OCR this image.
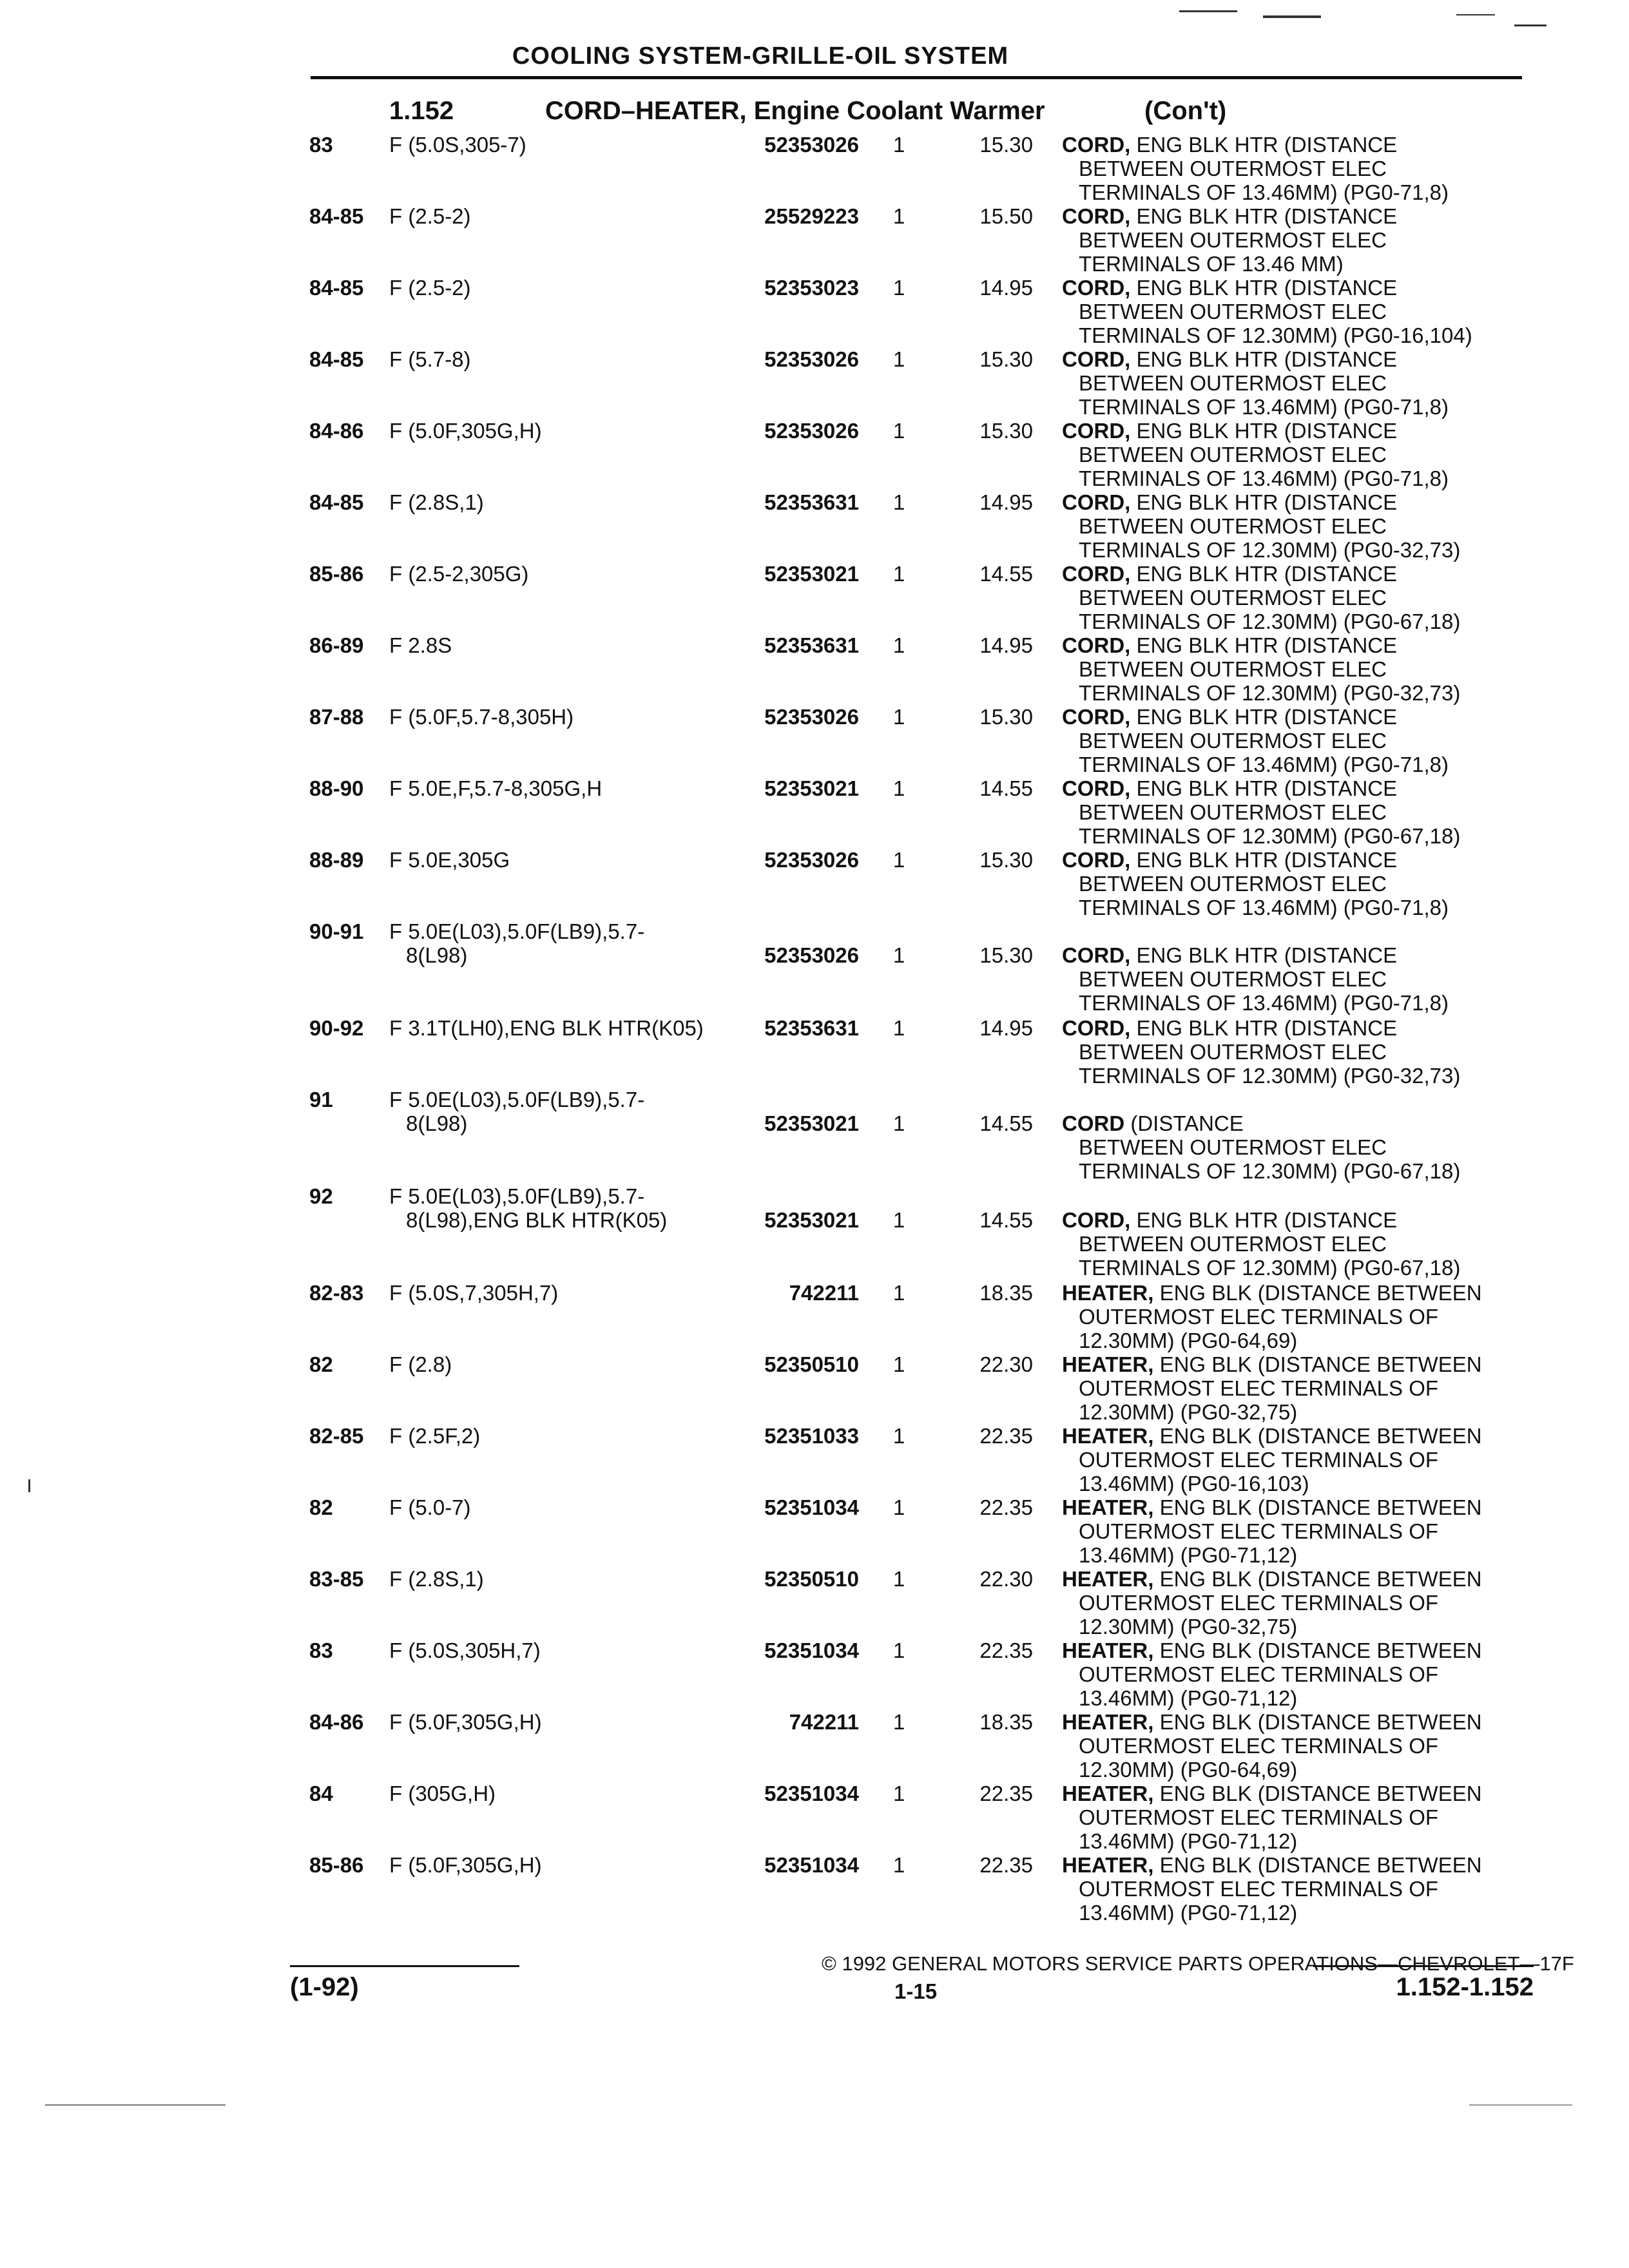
COOLING SYSTEM-GRILLE-OIL SYSTEM
1.152	CORD–HEATER, Engine Coolant Warmer	(Con't)
83	F (5.0S,305-7)	52353026 1	15.30 CORD, ENG BLK HTR (DISTANCE
BETWEEN OUTERMOST ELEC
TERMINALS OF 13.46MM) (PG0-71,8)
84-85 F (2.5-2)	25529223 1	15.50 CORD, ENG BLK HTR (DISTANCE
BETWEEN OUTERMOST ELEC
TERMINALS OF 13.46 MM)
84-85 F (2.5-2)	52353023 1	14.95 CORD, ENG BLK HTR (DISTANCE
BETWEEN OUTERMOST ELEC
TERMINALS OF 12.30MM) (PG0-16,104)
84-85 F (5.7-8)	52353026 1	15.30 CORD, ENG BLK HTR (DISTANCE
BETWEEN OUTERMOST ELEC
TERMINALS OF 13.46MM) (PG0-71,8)
84-86 F (5.0F,305G,H)	52353026 1	15.30 CORD, ENG BLK HTR (DISTANCE
BETWEEN OUTERMOST ELEC
TERMINALS OF 13.46MM) (PG0-71,8)
84-85 F (2.8S,1)	52353631 1	14.95 CORD, ENG BLK HTR (DISTANCE
BETWEEN OUTERMOST ELEC
TERMINALS OF 12.30MM) (PG0-32,73)
85-86 F (2.5-2,305G)	52353021 1	14.55 CORD, ENG BLK HTR (DISTANCE
BETWEEN OUTERMOST ELEC
TERMINALS OF 12.30MM) (PG0-67,18)
86-89 F 2.8S	52353631 1	14.95 CORD, ENG BLK HTR (DISTANCE
BETWEEN OUTERMOST ELEC
TERMINALS OF 12.30MM) (PG0-32,73)
87-88 F (5.0F,5.7-8,305H)	52353026 1	15.30 CORD, ENG BLK HTR (DISTANCE
BETWEEN OUTERMOST ELEC
TERMINALS OF 13.46MM) (PG0-71,8)
88-90 F 5.0E,F,5.7-8,305G,H	52353021 1	14.55 CORD, ENG BLK HTR (DISTANCE
BETWEEN OUTERMOST ELEC
TERMINALS OF 12.30MM) (PG0-67,18)
88-89 F 5.0E,305G	52353026 1	15.30 CORD, ENG BLK HTR (DISTANCE
BETWEEN OUTERMOST ELEC
TERMINALS OF 13.46MM) (PG0-71,8)
90-91 F 5.0E(L03),5.0F(LB9),5.7-

8(L98)	52353026 1	15.30 CORD, ENG BLK HTR (DISTANCE
BETWEEN OUTERMOST ELEC
TERMINALS OF 13.46MM) (PG0-71,8)
90-92 F 3.1T(LH0),ENG BLK HTR(K05)	52353631 1	14.95 CORD, ENG BLK HTR (DISTANCE
BETWEEN OUTERMOST ELEC
TERMINALS OF 12.30MM) (PG0-32,73)
91	F 5.0E(L03),5.0F(LB9),5.7-

8(L98)	52353021 1	14.55 CORD (DISTANCE
BETWEEN OUTERMOST ELEC
TERMINALS OF 12.30MM) (PG0-67,18)
92	F 5.0E(L03),5.0F(LB9),5.7-

8(L98),ENG BLK HTR(K05)	52353021 1	14.55 CORD, ENG BLK HTR (DISTANCE
BETWEEN OUTERMOST ELEC
TERMINALS OF 12.30MM) (PG0-67,18)
82-83 F (5.0S,7,305H,7)	742211 1	18.35 HEATER, ENG BLK (DISTANCE BETWEEN
OUTERMOST ELEC TERMINALS OF
12.30MM) (PG0-64,69)
82	F (2.8)	52350510 1	22.30 HEATER, ENG BLK (DISTANCE BETWEEN
OUTERMOST ELEC TERMINALS OF
12.30MM) (PG0-32,75)
82-85 F (2.5F,2)	52351033 1	22.35 HEATER, ENG BLK (DISTANCE BETWEEN
OUTERMOST ELEC TERMINALS OF
13.46MM) (PG0-16,103)
82	F (5.0-7)	52351034 1	22.35 HEATER, ENG BLK (DISTANCE BETWEEN
OUTERMOST ELEC TERMINALS OF
13.46MM) (PG0-71,12)
83-85 F (2.8S,1)	52350510 1	22.30 HEATER, ENG BLK (DISTANCE BETWEEN
OUTERMOST ELEC TERMINALS OF
12.30MM) (PG0-32,75)
83	F (5.0S,305H,7)	52351034 1	22.35 HEATER, ENG BLK (DISTANCE BETWEEN
OUTERMOST ELEC TERMINALS OF
13.46MM) (PG0-71,12)
84-86 F (5.0F,305G,H)	742211 1	18.35 HEATER, ENG BLK (DISTANCE BETWEEN
OUTERMOST ELEC TERMINALS OF
12.30MM) (PG0-64,69)
84	F (305G,H)	52351034 1	22.35 HEATER, ENG BLK (DISTANCE BETWEEN
OUTERMOST ELEC TERMINALS OF
13.46MM) (PG0-71,12)
85-86 F (5.0F,305G,H)	52351034 1	22.35 HEATER, ENG BLK (DISTANCE BETWEEN
OUTERMOST ELEC TERMINALS OF
13.46MM) (PG0-71,12)
© 1992 GENERAL MOTORS SERVICE PARTS OPERATIONS—CHEVROLET—17F
(1-92)	1-15	1.152-1.152
